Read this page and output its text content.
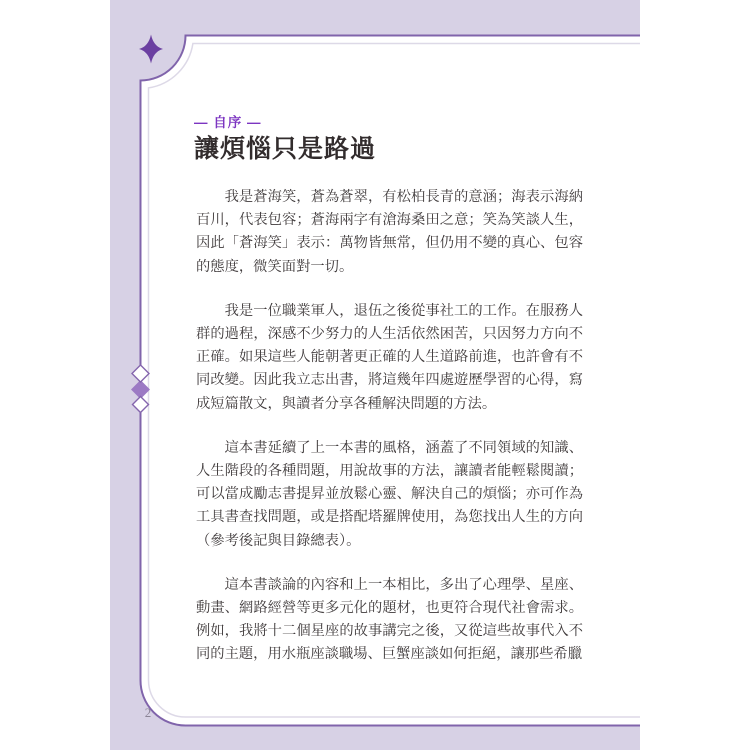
— 自序 —
讓煩惱只是路過

我是蒼海笑，蒼為蒼翠，有松柏長青的意涵；海表示海納百川，代表包容；蒼海兩字有滄海桑田之意；笑為笑談人生，因此「蒼海笑」表示：萬物皆無常，但仍用不變的真心、包容的態度，微笑面對一切。

我是一位職業軍人，退伍之後從事社工的工作。在服務人群的過程，深感不少努力的人生活依然困苦，只因努力方向不正確。如果這些人能朝著更正確的人生道路前進，也許會有不同改變。因此我立志出書，將這幾年四處遊歷學習的心得，寫成短篇散文，與讀者分享各種解決問題的方法。

這本書延續了上一本書的風格，涵蓋了不同領域的知識、人生階段的各種問題，用說故事的方法，讓讀者能輕鬆閱讀；可以當成勵志書提昇並放鬆心靈、解決自己的煩惱；亦可作為工具書查找問題，或是搭配塔羅牌使用，為您找出人生的方向（參考後記與目錄總表）。

這本書談論的內容和上一本相比，多出了心理學、星座、動畫、網路經營等更多元化的題材，也更符合現代社會需求。例如，我將十二個星座的故事講完之後，又從這些故事代入不同的主題，用水瓶座談職場、巨蟹座談如何拒絕，讓那些希臘

2
